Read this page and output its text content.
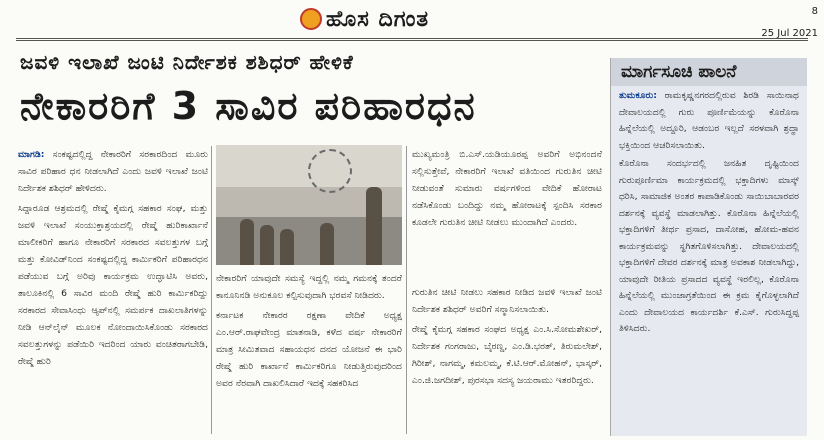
ಹೊಸ ದಿಗಂತ	8
25 Jul 2021
ಜವಳಿ ಇಲಾಖೆ ಜಂಟಿ ನಿರ್ದೇಶಕ ಶಶಿಧರ್ ಹೇಳಿಕೆ
ನೇಕಾರರಿಗೆ 3 ಸಾವಿರ ಪರಿಹಾರಧನ

ಮಾಗಡಿ: ಸಂಕಷ್ಟದಲ್ಲಿದ್ದ ನೇಕಾರರಿಗೆ ಸರಕಾರದಿಂದ ಮೂರು ಸಾವಿರ ಪರಿಹಾರ ಧನ ನೀಡಲಾಗಿದೆ ಎಂದು ಜವಳಿ ಇಲಾಖೆ ಜಂಟಿ ನಿರ್ದೇಶಕ ಶಶಿಧರ್ ಹೇಳಿದರು.

ಸಿದ್ದಾರೂಡ ಆಶ್ರಮದಲ್ಲಿ ರೇಷ್ಮೆ ಕೈಮಗ್ಗ ಸಹಕಾರ ಸಂಘ, ಮತ್ತು ಜವಳಿ ಇಲಾಖೆ ಸಂಯುಕ್ತಾಶ್ರಯದಲ್ಲಿ ರೇಷ್ಮೆ ಹುರಿಕಾರ್ಖಾನೆ ಮಾಲೀಕರಿಗೆ ಹಾಗೂ ನೇಕಾರರಿಗೆ ಸರಕಾರದ ಸವಲತ್ತುಗಳ ಬಗ್ಗೆ ಮತ್ತು ಕೋವಿಡ್‌ನಿಂದ ಸಂಕಷ್ಟದಲ್ಲಿದ್ದ ಕಾರ್ಮಿಕರಿಗೆ ಪರಿಹಾರಧನ ಪಡೆಯುವ ಬಗ್ಗೆ ಅರಿವು ಕಾರ್ಯಕ್ರಮ ಉದ್ಘಾಟಿಸಿ ಅವರು, ತಾಲೂಕಿನಲ್ಲಿ 6 ಸಾವಿರ ಮಂದಿ ರೇಷ್ಮೆ ಹುರಿ ಕಾರ್ಮಿಕರಿದ್ದು ಸರಕಾರದ ಸೇವಾಸಿಂಧು ಆ್ಯಪ್‌ನಲ್ಲಿ ಸಮರ್ಪಕ ದಾಖಲಾತಿಗಳನ್ನು ನೀಡಿ ಆನ್‌ಲೈನ್ ಮೂಲಕ ನೋಂದಾಯಿಸಿಕೊಂಡು ಸರಕಾರದ ಸವಲತ್ತುಗಳನ್ನು ಪಡೆಯಿರಿ ಇದರಿಂದ ಯಾರು ವಂಚಿತರಾಗಬೇಡಿ, ರೇಷ್ಮೆ ಹುರಿ

ನೇಕಾರರಿಗೆ ಯಾವುದೇ ಸಮಸ್ಯೆ ಇದ್ದಲ್ಲಿ ನಮ್ಮ ಗಮನಕ್ಕೆ ತಂದರೆ ಕಾನೂನಿನಡಿ ಅನುಕೂಲ ಕಲ್ಪಿಸುವುದಾಗಿ ಭರವಸೆ ನೀಡಿದರು.

ಕರ್ನಾಟಕ ನೇಕಾರರ ರಕ್ಷಣಾ ವೇದಿಕೆ ಅಧ್ಯಕ್ಷ ಎಂ.ಆರ್.ರಾಘವೇಂದ್ರ ಮಾತನಾಡಿ, ಕಳೆದ ವರ್ಷ ನೇಕಾರರಿಗೆ ಮಾತ್ರ ಸೀಮಿತವಾದ ಸಹಾಯಧನ ದನದ ಯೋಜನೆ ಈ ಭಾರಿ ರೇಷ್ಮೆ ಹುರಿ ಕಾರ್ಖಾನೆ ಕಾರ್ಮಿಕರಿಗೂ ನೀಡುತ್ತಿರುವುದರಿಂದ ಅವರ ನೆರವಾಗಿ ದಾಖಲಿಸಿದಾರೆ ಇದಕ್ಕೆ ಸಹಕರಿಸಿದ

ಮುಖ್ಯಮಂತ್ರಿ ಬಿ.ಎಸ್.ಯಡಿಯೂರಪ್ಪ ಅವರಿಗೆ ಅಭಿನಂದನೆ ಸಲ್ಲಿಸುತ್ತೇವೆ, ನೇಕಾರರಿಗೆ ಇಲಾಖೆ ವತಿಯಿಂದ ಗುರುತಿನ ಚೀಟಿ ನೀಡುವಂತೆ ಸುಮಾರು ವರ್ಷಗಳಿಂದ ವೇದಿಕೆ ಹೋರಾಟ ನಡೆಸಿಕೊಂಡು ಬಂದಿದ್ದು ನಮ್ಮ ಹೋರಾಟಕ್ಕೆ ಸ್ಪಂದಿಸಿ ಸರಕಾರ ಕೂಡಲೇ ಗುರುತಿನ ಚೀಟಿ ನೀಡಲು ಮುಂದಾಗಿದೆ ಎಂದರು.

ಗುರುತಿನ ಚೀಟಿ ನೀಡಲು ಸಹಕಾರ ನೀಡಿದ ಜವಳಿ ಇಲಾಖೆ ಜಂಟಿ ನಿರ್ದೇಶಕ ಶಶಿಧರ್ ಅವರಿಗೆ ಸನ್ಮಾನಿಸಲಾಯಿತು.

ರೇಷ್ಮೆ ಕೈಮಗ್ಗ ಸಹಕಾರ ಸಂಘದ ಅಧ್ಯಕ್ಷ ಎಂ.ಸಿ.ಸೋಮಶೇಖರ್, ನಿರ್ದೇಶಕ ಗಂಗರಾಜು, ಬೈರಣ್ಣ, ಎಂ.ಡಿ.ಭರತ್, ತಿರುಮಲೇಶ್, ಗಿರೀಶ್, ನಾಗಮ್ಮ, ಕಮಲಮ್ಮ, ಕೆ.ಟಿ.ಆರ್.ಮೋಹನ್, ಭಾಸ್ಕರ್, ಎಂ.ಜಿ.ಜಗದೀಶ್, ಪುರಸಭಾ ಸದಸ್ಯ ಜಯರಾಮು ಇತರರಿದ್ದರು.

ಮಾರ್ಗಸೂಚಿ ಪಾಲನೆ

ತುಮಕೂರು: ರಾಮಕೃಷ್ಣನಗರದಲ್ಲಿರುವ ಶಿರಡಿ ಸಾಯಿನಾಥ ದೇವಾಲಯದಲ್ಲಿ ಗುರು ಪೂರ್ಣಿಮೆಯನ್ನು ಕೊರೊನಾ ಹಿನ್ನೆಲೆಯಲ್ಲಿ ಅದ್ದೂರಿ, ಆಡಂಬರ ಇಲ್ಲದೆ ಸರಳವಾಗಿ ಶ್ರದ್ಧಾ ಭಕ್ತಿಯಿಂದ ಆಚರಿಸಲಾಯಿತು.

ಕೊರೊನಾ ಸಂದರ್ಭದಲ್ಲಿ ಜನಹಿತ ದೃಷ್ಟಿಯಿಂದ ಗುರುಪೂರ್ಣಿಮಾ ಕಾರ್ಯಕ್ರಮದಲ್ಲಿ ಭಕ್ತಾದಿಗಳು ಮಾಸ್ಕ್ ಧರಿಸಿ, ಸಾಮಾಜಿಕ ಅಂತರ ಕಾಪಾಡಿಕೊಂಡು ಸಾಯಿಬಾಬಾರವರ ದರ್ಶನಕ್ಕೆ ವ್ಯವಸ್ಥೆ ಮಾಡಲಾಗಿತ್ತು. ಕೊರೊನಾ ಹಿನ್ನೆಲೆಯಲ್ಲಿ ಭಕ್ತಾದಿಗಳಿಗೆ ತೀರ್ಥ ಪ್ರಸಾದ, ದಾಸೋಹ, ಹೋಮ-ಹವನ ಕಾರ್ಯಕ್ರಮವನ್ನು ಸ್ಥಗಿತಗೊಳಿಸಲಾಗಿತ್ತು. ದೇವಾಲಯದಲ್ಲಿ ಭಕ್ತಾದಿಗಳಿಗೆ ದೇವರ ದರ್ಶನಕ್ಕೆ ಮಾತ್ರ ಅವಕಾಶ ನೀಡಲಾಗಿದ್ದು, ಯಾವುದೇ ರೀತಿಯ ಪ್ರಸಾದದ ವ್ಯವಸ್ಥೆ ಇರಲಿಲ್ಲ, ಕೊರೊನಾ ಹಿನ್ನೆಲೆಯಲ್ಲಿ ಮುಂಜಾಗ್ರತೆಯಿಂದ ಈ ಕ್ರಮ ಕೈಗೊಳ್ಳಲಾಗಿದೆ ಎಂದು ದೇವಾಲಯದ ಕಾರ್ಯದರ್ಶಿ ಕೆ.ಎಸ್. ಗುರುಸಿದ್ದಪ್ಪ ತಿಳಿಸಿದರು.
